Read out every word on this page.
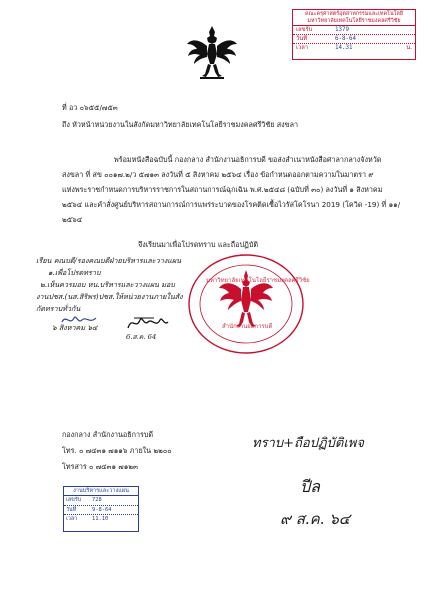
คณะครุศาสตร์อุตสาหกรรมและเทคโนโลยี มหาวิทยาลัยเทคโนโลยีราชมงคลศรีวิชัย
เลขรับ	1379
วันที่	6-8-64
เวลา	14.31	น.
ที่ อว ๐๖๕๕/๗๕๓
ถึง หัวหน้าหน่วยงานในสังกัดมหาวิทยาลัยเทคโนโลยีราชมงคลศรีวิชัย สงขลา
พร้อมหนังสือฉบับนี้ กองกลาง สำนักงานอธิการบดี ขอส่งสำเนาหนังสือศาลากลางจังหวัด
สงขลา ที่ สข ๐๐๑๗.๒/ว ๕๗๑๓ ลงวันที่ ๕ สิงหาคม ๒๕๖๔ เรื่อง ข้อกำหนดออกตามความในมาตรา ๙
แห่งพระราชกำหนดการบริหารราชการในสถานการณ์ฉุกเฉิน พ.ศ.๒๕๔๘ (ฉบับที่ ๓๐) ลงวันที่ ๑ สิงหาคม
๒๕๖๔ และคำสั่งศูนย์บริหารสถานการณ์การแพร่ระบาดของโรคติดเชื้อไวรัสโคโรนา 2019 (โควิด -19) ที่ ๑๑/
๒๕๖๔
จึงเรียนมาเพื่อโปรดทราบ และถือปฏิบัติ
เรียน คณบดี/รองคณบดีฝ่ายบริหารและวางแผน
๑.เพื่อโปรดทราบ
๒.เห็นควรมอบ หน.บริหารและวางแผน มอบ
งานปชส.(นส.สิริพร)ปชส.ให้หน่วยงานภายในสัง
กัดทราบทั่วกัน
๖ สิงหาคม ๖๔
6.ส.ค. 64
มหาวิทยาลัยเทคโนโลยีราชมงคลศรีวิชัย
สำนักงานอธิการบดี
กองกลาง สำนักงานอธิการบดี
โทร. ๐ ๗๔๓๑ ๗๑๑๖ ภายใน ๒๒๐๐
โทรสาร ๐ ๗๔๓๑ ๗๑๒๓
งานบริหารและวางแผน
เลขรับ 728
วันที่	9-8-64
เวลา	11.10
ทราบ+ถือปฏิบัติเพจ
ปีล
๙ ส.ค. ๖๔
